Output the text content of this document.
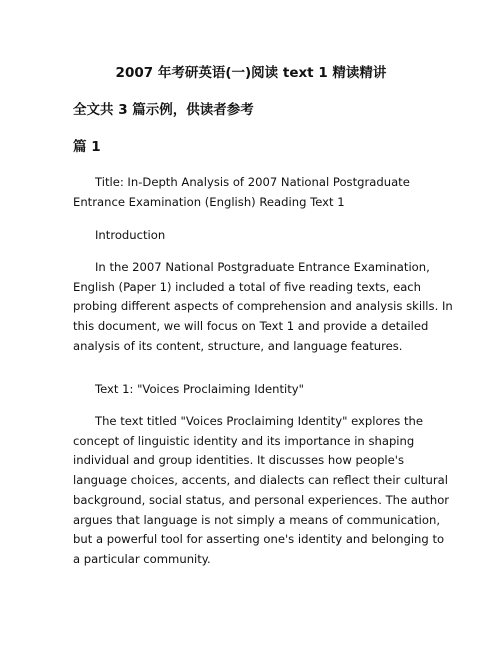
2007 年考研英语(一)阅读 text 1 精读精讲
全文共 3 篇示例，供读者参考
篇 1

Title: In-Depth Analysis of 2007 National Postgraduate
Entrance Examination (English) Reading Text 1

Introduction

In the 2007 National Postgraduate Entrance Examination,
English (Paper 1) included a total of five reading texts, each
probing different aspects of comprehension and analysis skills. In
this document, we will focus on Text 1 and provide a detailed
analysis of its content, structure, and language features.

Text 1: "Voices Proclaiming Identity"

The text titled "Voices Proclaiming Identity" explores the
concept of linguistic identity and its importance in shaping
individual and group identities. It discusses how people's
language choices, accents, and dialects can reflect their cultural
background, social status, and personal experiences. The author
argues that language is not simply a means of communication,
but a powerful tool for asserting one's identity and belonging to
a particular community.
